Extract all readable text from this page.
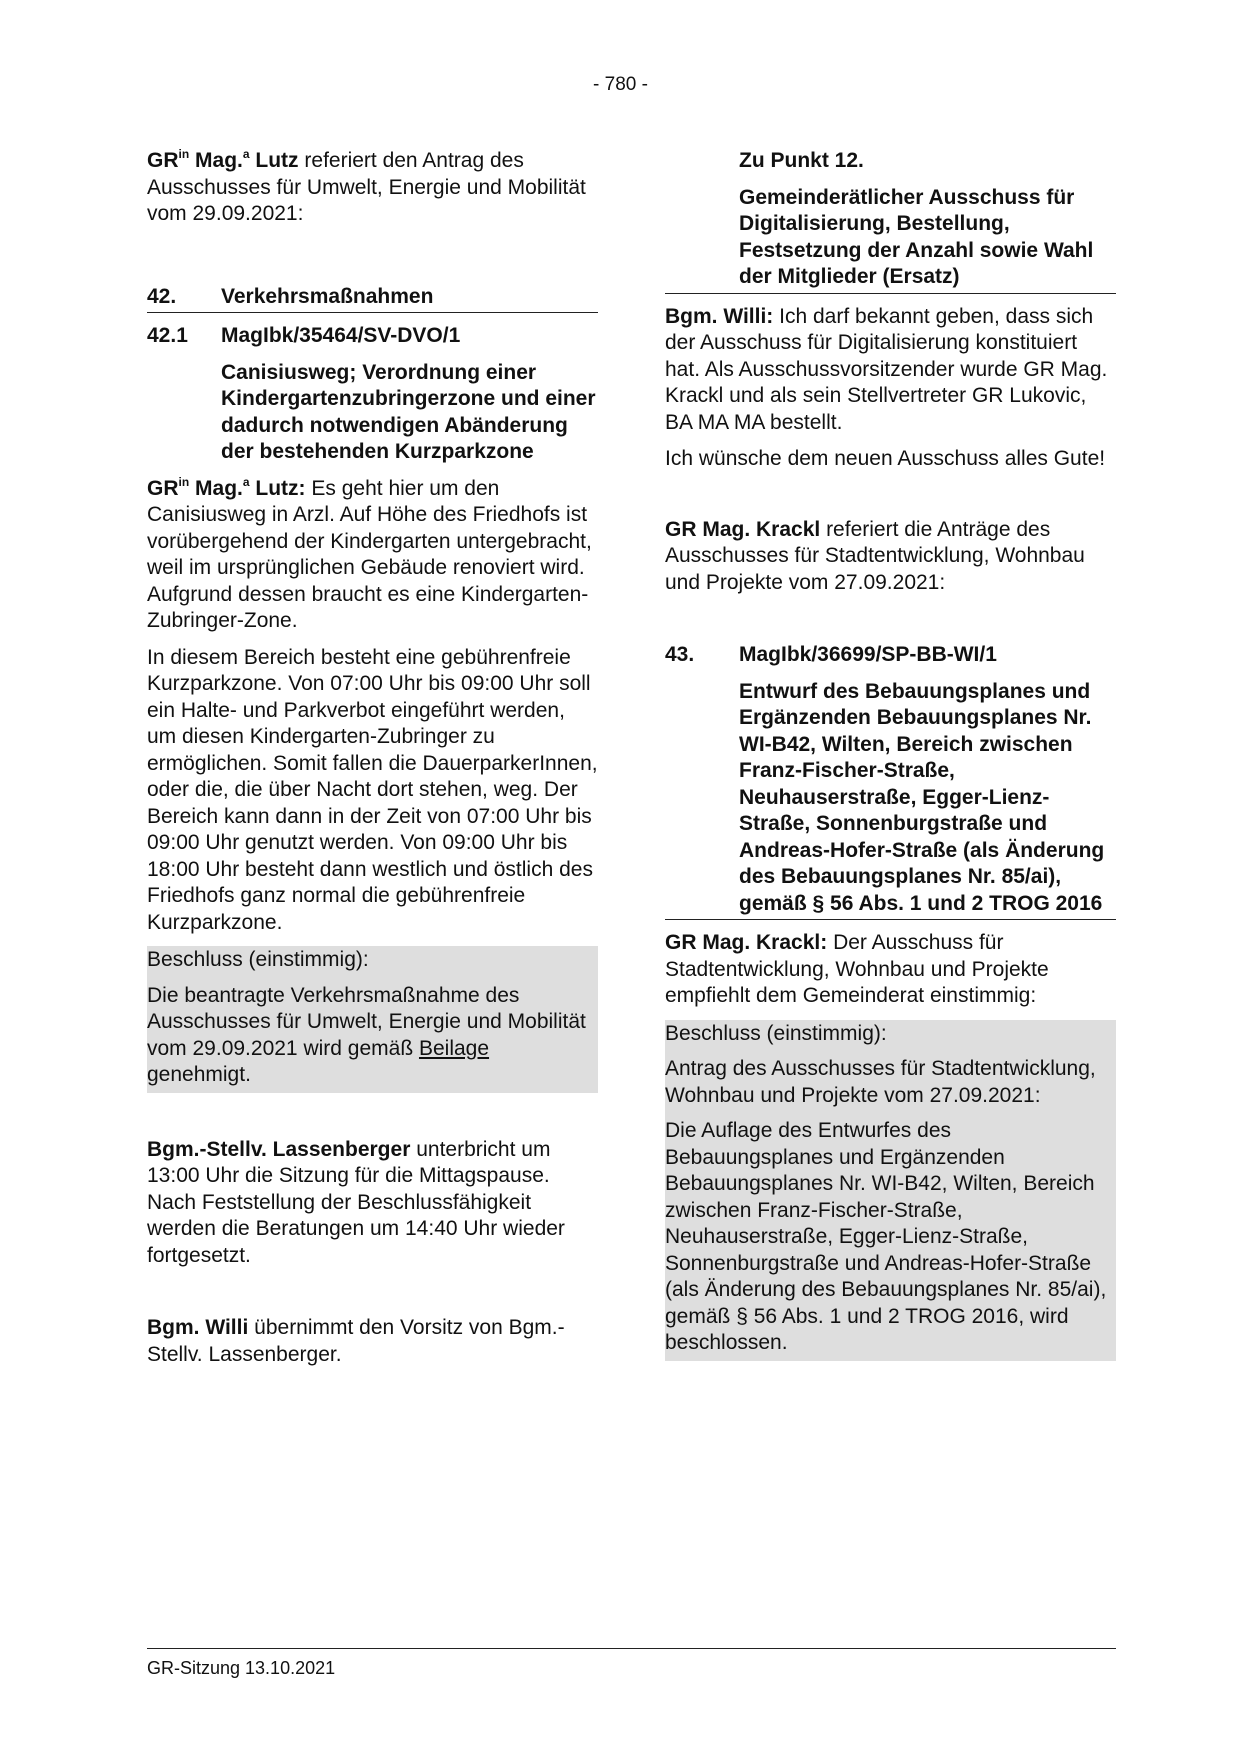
- 780 -

$GR^{in}$ Mag.$^a$ Lutz referiert den Antrag des Ausschusses für Umwelt, Energie und Mobilität vom 29.09.2021:

42.	Verkehrsmaßnahmen
42.1	MagIbk/35464/SV-DVO/1

Canisiusweg; Verordnung einer Kindergartenzubringerzone und einer dadurch notwendigen Abänderung der bestehenden Kurzparkzone

$GR^{in}$ Mag.$^a$ Lutz: Es geht hier um den Canisiusweg in Arzl. Auf Höhe des Friedhofs ist vorübergehend der Kindergarten untergebracht, weil im ursprünglichen Gebäude renoviert wird. Aufgrund dessen braucht es eine Kindergarten-Zubringer-Zone.

In diesem Bereich besteht eine gebührenfreie Kurzparkzone. Von 07:00 Uhr bis 09:00 Uhr soll ein Halte- und Parkverbot eingeführt werden, um diesen Kindergarten-Zubringer zu ermöglichen. Somit fallen die DauerparkerInnen, oder die, die über Nacht dort stehen, weg. Der Bereich kann dann in der Zeit von 07:00 Uhr bis 09:00 Uhr genutzt werden. Von 09:00 Uhr bis 18:00 Uhr besteht dann westlich und östlich des Friedhofs ganz normal die gebührenfreie Kurzparkzone.

Beschluss (einstimmig):

Die beantragte Verkehrsmaßnahme des Ausschusses für Umwelt, Energie und Mobilität vom 29.09.2021 wird gemäß Beilage genehmigt.

Bgm.-Stellv. Lassenberger unterbricht um 13:00 Uhr die Sitzung für die Mittagspause. Nach Feststellung der Beschlussfähigkeit werden die Beratungen um 14:40 Uhr wieder fortgesetzt.

Bgm. Willi übernimmt den Vorsitz von Bgm.-Stellv. Lassenberger.

Zu Punkt 12.

Gemeinderätlicher Ausschuss für Digitalisierung, Bestellung, Festsetzung der Anzahl sowie Wahl der Mitglieder (Ersatz)

Bgm. Willi: Ich darf bekannt geben, dass sich der Ausschuss für Digitalisierung konstituiert hat. Als Ausschussvorsitzender wurde GR Mag. Krackl und als sein Stellvertreter GR Lukovic, BA MA MA bestellt.

Ich wünsche dem neuen Ausschuss alles Gute!

GR Mag. Krackl referiert die Anträge des Ausschusses für Stadtentwicklung, Wohnbau und Projekte vom 27.09.2021:

43.	MagIbk/36699/SP-BB-WI/1

Entwurf des Bebauungsplanes und Ergänzenden Bebauungsplanes Nr. WI-B42, Wilten, Bereich zwischen Franz-Fischer-Straße, Neuhauserstraße, Egger-Lienz-Straße, Sonnenburgstraße und Andreas-Hofer-Straße (als Änderung des Bebauungsplanes Nr. 85/ai), gemäß § 56 Abs. 1 und 2 TROG 2016

GR Mag. Krackl: Der Ausschuss für Stadtentwicklung, Wohnbau und Projekte empfiehlt dem Gemeinderat einstimmig:

Beschluss (einstimmig):

Antrag des Ausschusses für Stadtentwicklung, Wohnbau und Projekte vom 27.09.2021:

Die Auflage des Entwurfes des Bebauungsplanes und Ergänzenden Bebauungsplanes Nr. WI-B42, Wilten, Bereich zwischen Franz-Fischer-Straße, Neuhauserstraße, Egger-Lienz-Straße, Sonnenburgstraße und Andreas-Hofer-Straße (als Änderung des Bebauungsplanes Nr. 85/ai), gemäß § 56 Abs. 1 und 2 TROG 2016, wird beschlossen.

GR-Sitzung 13.10.2021
